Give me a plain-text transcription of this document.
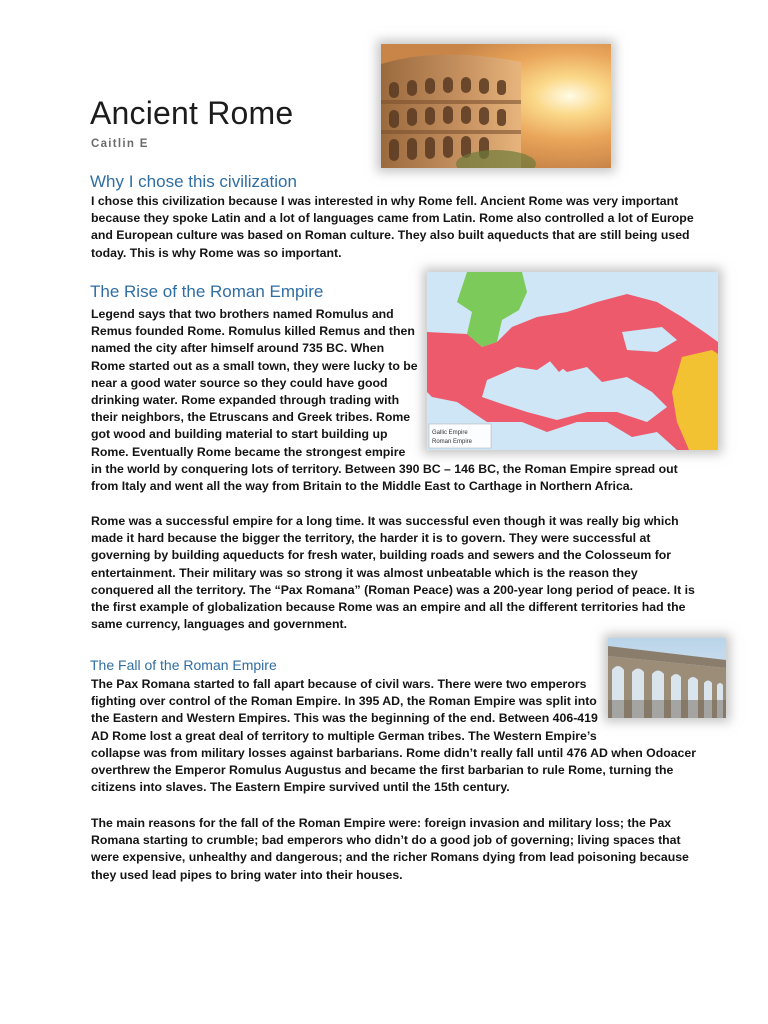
Ancient Rome
Caitlin E
Why I chose this civilization
I chose this civilization because I was interested in why Rome fell. Ancient Rome was very important
because they spoke Latin and a lot of languages came from Latin. Rome also controlled a lot of Europe
and European culture was based on Roman culture. They also built aqueducts that are still being used
today. This is why Rome was so important.
The Rise of the Roman Empire
Gallic Empire
Roman Empire
Legend says that two brothers named Romulus and
Remus founded Rome. Romulus killed Remus and then
named the city after himself around 735 BC. When
Rome started out as a small town, they were lucky to be
near a good water source so they could have good
drinking water. Rome expanded through trading with
their neighbors, the Etruscans and Greek tribes. Rome
got wood and building material to start building up
Rome. Eventually Rome became the strongest empire
in the world by conquering lots of territory. Between 390 BC – 146 BC, the Roman Empire spread out
from Italy and went all the way from Britain to the Middle East to Carthage in Northern Africa.
Rome was a successful empire for a long time. It was successful even though it was really big which
made it hard because the bigger the territory, the harder it is to govern. They were successful at
governing by building aqueducts for fresh water, building roads and sewers and the Colosseum for
entertainment. Their military was so strong it was almost unbeatable which is the reason they
conquered all the territory. The “Pax Romana” (Roman Peace) was a 200-year long period of peace. It is
the first example of globalization because Rome was an empire and all the different territories had the
same currency, languages and government.
The Fall of the Roman Empire
The Pax Romana started to fall apart because of civil wars. There were two emperors
fighting over control of the Roman Empire. In 395 AD, the Roman Empire was split into
the Eastern and Western Empires. This was the beginning of the end. Between 406-419
AD Rome lost a great deal of territory to multiple German tribes. The Western Empire’s
collapse was from military losses against barbarians. Rome didn’t really fall until 476 AD when Odoacer
overthrew the Emperor Romulus Augustus and became the first barbarian to rule Rome, turning the
citizens into slaves. The Eastern Empire survived until the 15th century.
The main reasons for the fall of the Roman Empire were: foreign invasion and military loss; the Pax
Romana starting to crumble; bad emperors who didn’t do a good job of governing; living spaces that
were expensive, unhealthy and dangerous; and the richer Romans dying from lead poisoning because
they used lead pipes to bring water into their houses.
